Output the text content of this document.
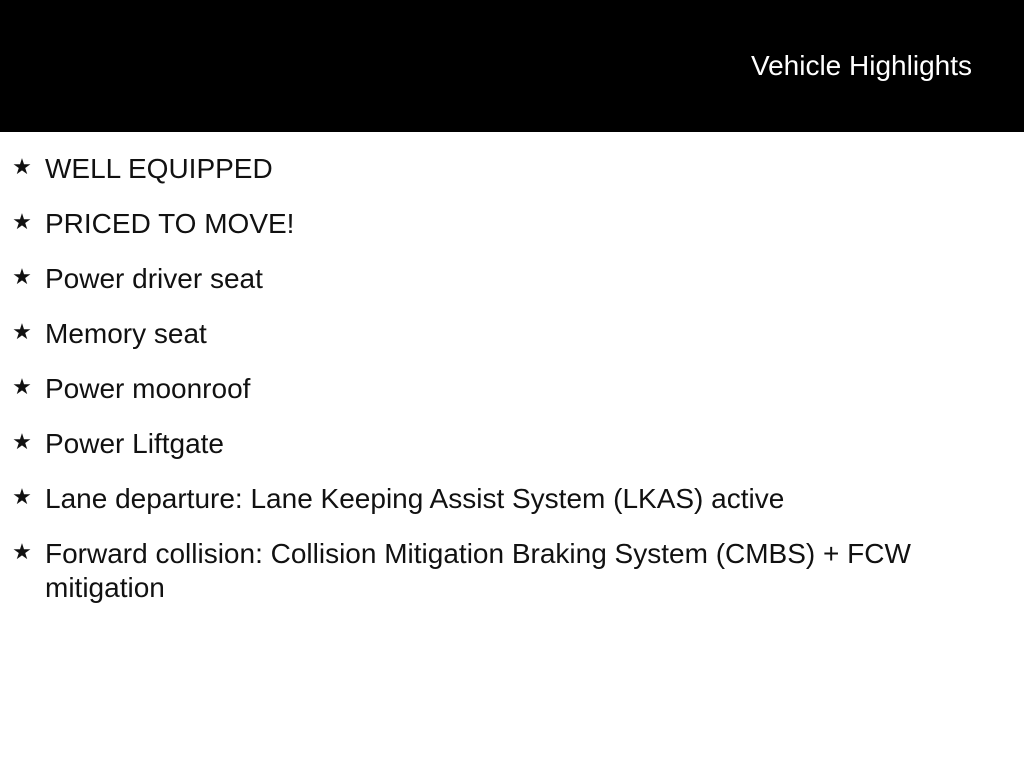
Vehicle Highlights
★ WELL EQUIPPED
★ PRICED TO MOVE!
★ Power driver seat
★ Memory seat
★ Power moonroof
★ Power Liftgate
★ Lane departure: Lane Keeping Assist System (LKAS) active
★ Forward collision: Collision Mitigation Braking System (CMBS) + FCW mitigation
